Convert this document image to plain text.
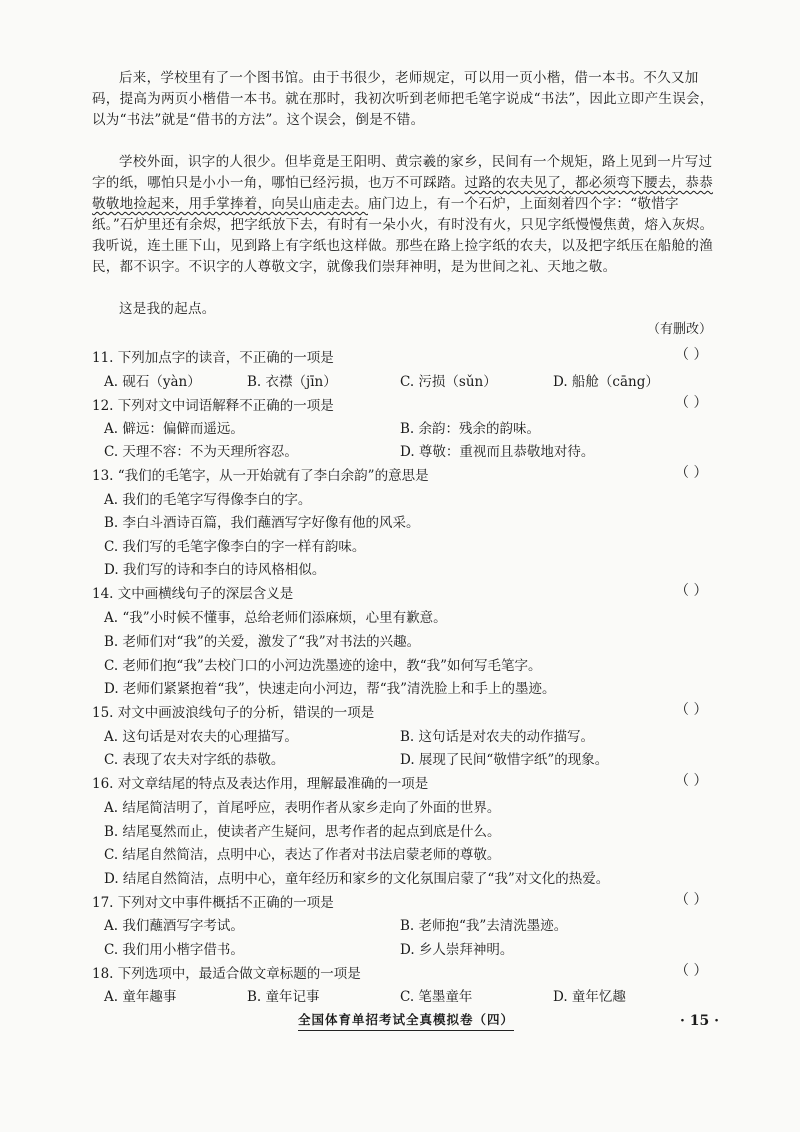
后来，学校里有了一个图书馆。由于书很少，老师规定，可以用一页小楷，借一本书。不久又加码，提高为两页小楷借一本书。就在那时，我初次听到老师把毛笔字说成“书法”，因此立即产生误会，以为“书法”就是“借书的方法”。这个误会，倒是不错。
学校外面，识字的人很少。但毕竟是王阳明、黄宗羲的家乡，民间有一个规矩，路上见到一片写过字的纸，哪怕只是小小一角，哪怕已经污损，也万不可踩踏。过路的农夫见了，都必须弯下腰去，恭恭敬敬地捡起来，用手掌捧着，向吴山庙走去。庙门边上，有一个石炉，上面刻着四个字：“敬惜字纸。”石炉里还有余烬，把字纸放下去，有时有一朵小火，有时没有火，只见字纸慢慢焦黄，熔入灰烬。我听说，连土匪下山，见到路上有字纸也这样做。那些在路上捡字纸的农夫，以及把字纸压在船舱的渔民，都不识字。不识字的人尊敬文字，就像我们崇拜神明，是为世间之礼、天地之敬。
这是我的起点。
（有删改）
11. 下列加点字的读音，不正确的一项是	（ ）
A. 砚石（yàn）	B. 衣襟（jīn）	C. 污损（sǔn）	D. 船舱（cāng）
12. 下列对文中词语解释不正确的一项是	（ ）
A. 僻远：偏僻而遥远。	B. 余韵：残余的韵味。
C. 天理不容：不为天理所容忍。	D. 尊敬：重视而且恭敬地对待。
13. “我们的毛笔字，从一开始就有了李白余韵”的意思是	（ ）
A. 我们的毛笔字写得像李白的字。
B. 李白斗酒诗百篇，我们蘸酒写字好像有他的风采。
C. 我们写的毛笔字像李白的字一样有韵味。
D. 我们写的诗和李白的诗风格相似。
14. 文中画横线句子的深层含义是	（ ）
A. “我”小时候不懂事，总给老师们添麻烦，心里有歉意。
B. 老师们对“我”的关爱，激发了“我”对书法的兴趣。
C. 老师们抱“我”去校门口的小河边洗墨迹的途中，教“我”如何写毛笔字。
D. 老师们紧紧抱着“我”，快速走向小河边，帮“我”清洗脸上和手上的墨迹。
15. 对文中画波浪线句子的分析，错误的一项是	（ ）
A. 这句话是对农夫的心理描写。	B. 这句话是对农夫的动作描写。
C. 表现了农夫对字纸的恭敬。	D. 展现了民间“敬惜字纸”的现象。
16. 对文章结尾的特点及表达作用，理解最准确的一项是	（ ）
A. 结尾简洁明了，首尾呼应，表明作者从家乡走向了外面的世界。
B. 结尾戛然而止，使读者产生疑问，思考作者的起点到底是什么。
C. 结尾自然简洁，点明中心，表达了作者对书法启蒙老师的尊敬。
D. 结尾自然简洁，点明中心，童年经历和家乡的文化氛围启蒙了“我”对文化的热爱。
17. 下列对文中事件概括不正确的一项是	（ ）
A. 我们蘸酒写字考试。	B. 老师抱“我”去清洗墨迹。
C. 我们用小楷字借书。	D. 乡人崇拜神明。
18. 下列选项中，最适合做文章标题的一项是	（ ）
A. 童年趣事	B. 童年记事	C. 笔墨童年	D. 童年忆趣
全国体育单招考试全真模拟卷（四）	· 15 ·
